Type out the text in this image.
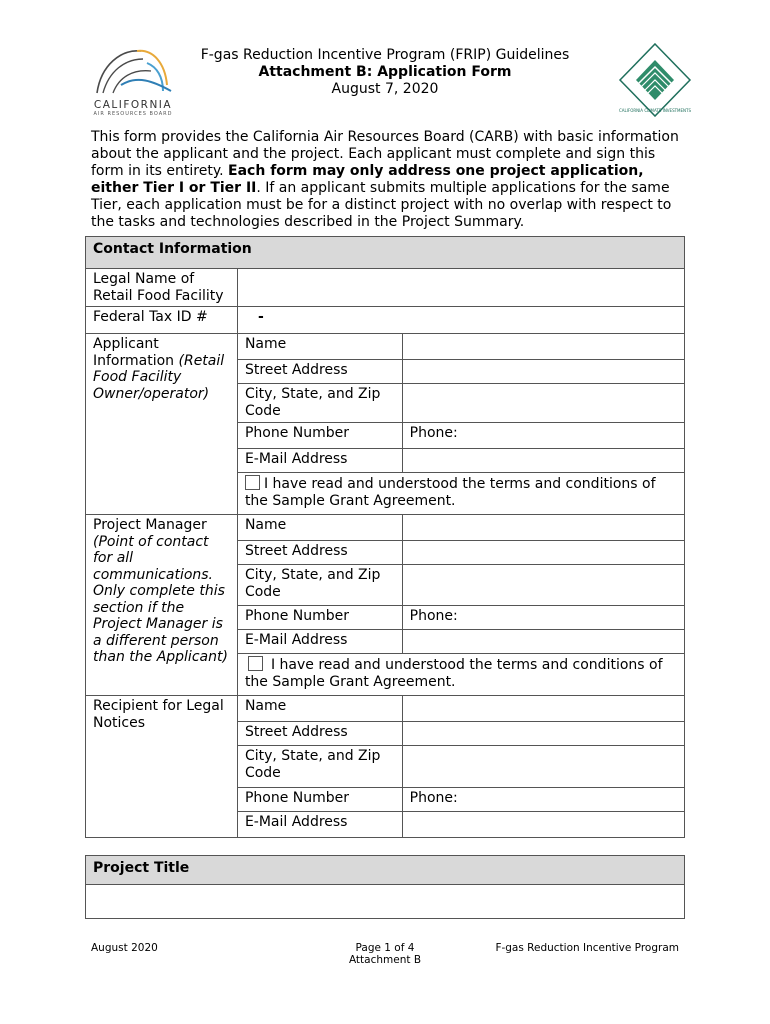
CALIFORNIA
AIR RESOURCES BOARD
CALIFORNIA CLIMATE INVESTMENTS
F-gas Reduction Incentive Program (FRIP) Guidelines
Attachment B: Application Form
August 7, 2020
This form provides the California Air Resources Board (CARB) with basic information about the applicant and the project. Each applicant must complete and sign this form in its entirety. Each form may only address one project application, either Tier I or Tier II. If an applicant submits multiple applications for the same Tier, each application must be for a distinct project with no overlap with respect to the tasks and technologies described in the Project Summary.
Contact Information		
Legal Name of Retail Food Facility		
Federal Tax ID #	-	
Applicant Information (Retail Food Facility Owner/operator)	Name	
	Street Address	
	City, State, and Zip Code	
	Phone Number	Phone:
	E-Mail Address	
	I have read and understood the terms and conditions of the Sample Grant Agreement.	

Project Manager (Point of contact for all communications. Only complete this section if the Project Manager is a different person than the Applicant)	Name	
	Street Address	
	City, State, and Zip Code	
	Phone Number	Phone:
	E-Mail Address	
	I have read and understood the terms and conditions of the Sample Grant Agreement.	

Recipient for Legal Notices	Name	
	Street Address	
	City, State, and Zip Code	
	Phone Number	Phone:
	E-Mail Address	
Project Title

August 2020	Page 1 of 4
Attachment B
F-gas Reduction Incentive Program
